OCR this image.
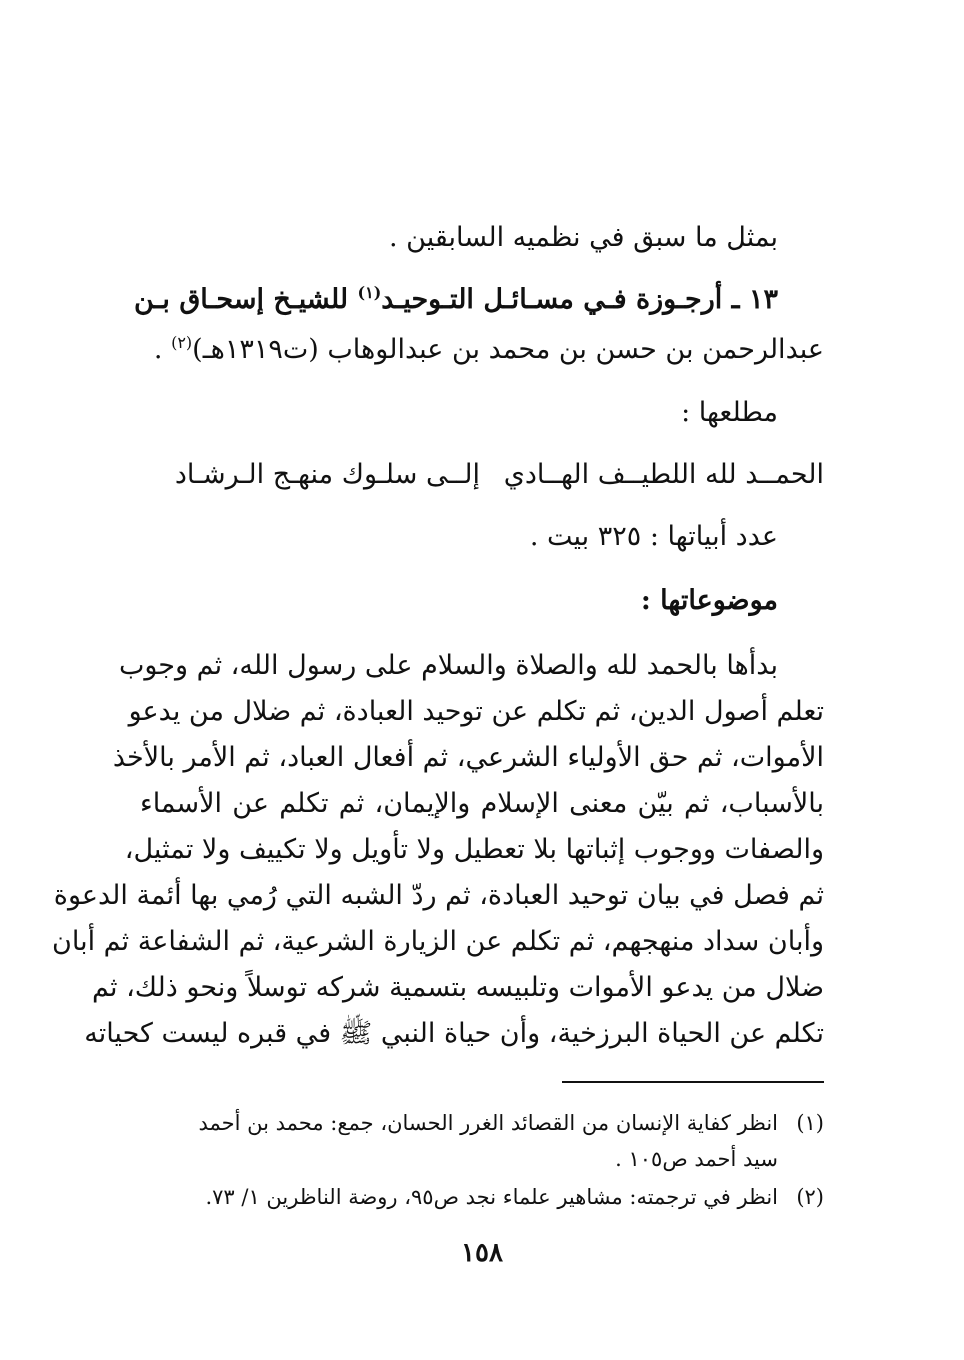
بمثل ما سبق في نظميه السابقين .
١٣ ـ أرجـوزة فـي مسـائـل التـوحيـد$^{(١)}$ للشيـخ إسحـاق بـن
عبدالرحمن بن حسن بن محمد بن عبدالوهاب (ت١٣١٩هـ)$^{(٢)}$ .
مطلعها :
الحمــد لله اللطيــف الهــادي
إلــى سلـوك منهـج الـرشـاد
عدد أبياتها : ٣٢٥ بيت .
موضوعاتها :
بدأها بالحمد لله والصلاة والسلام على رسول الله، ثم وجوب
تعلم أصول الدين، ثم تكلم عن توحيد العبادة، ثم ضلال من يدعو
الأموات، ثم حق الأولياء الشرعي، ثم أفعال العباد، ثم الأمر بالأخذ
بالأسباب، ثم بيّن معنى الإسلام والإيمان، ثم تكلم عن الأسماء
والصفات ووجوب إثباتها بلا تعطيل ولا تأويل ولا تكييف ولا تمثيل،
ثم فصل في بيان توحيد العبادة، ثم ردّ الشبه التي رُمي بها أئمة الدعوة
وأبان سداد منهجهم، ثم تكلم عن الزيارة الشرعية، ثم الشفاعة ثم أبان
ضلال من يدعو الأموات وتلبيسه بتسمية شركه توسلاً ونحو ذلك، ثم
تكلم عن الحياة البرزخية، وأن حياة النبي ﷺ في قبره ليست كحياته
(١)
انظر كفاية الإنسان من القصائد الغرر الحسان، جمع: محمد بن أحمد
سيد أحمد ص١٠٥ .
(٢)
انظر في ترجمته: مشاهير علماء نجد ص٩٥، روضة الناظرين ١/ ٧٣.
١٥٨
